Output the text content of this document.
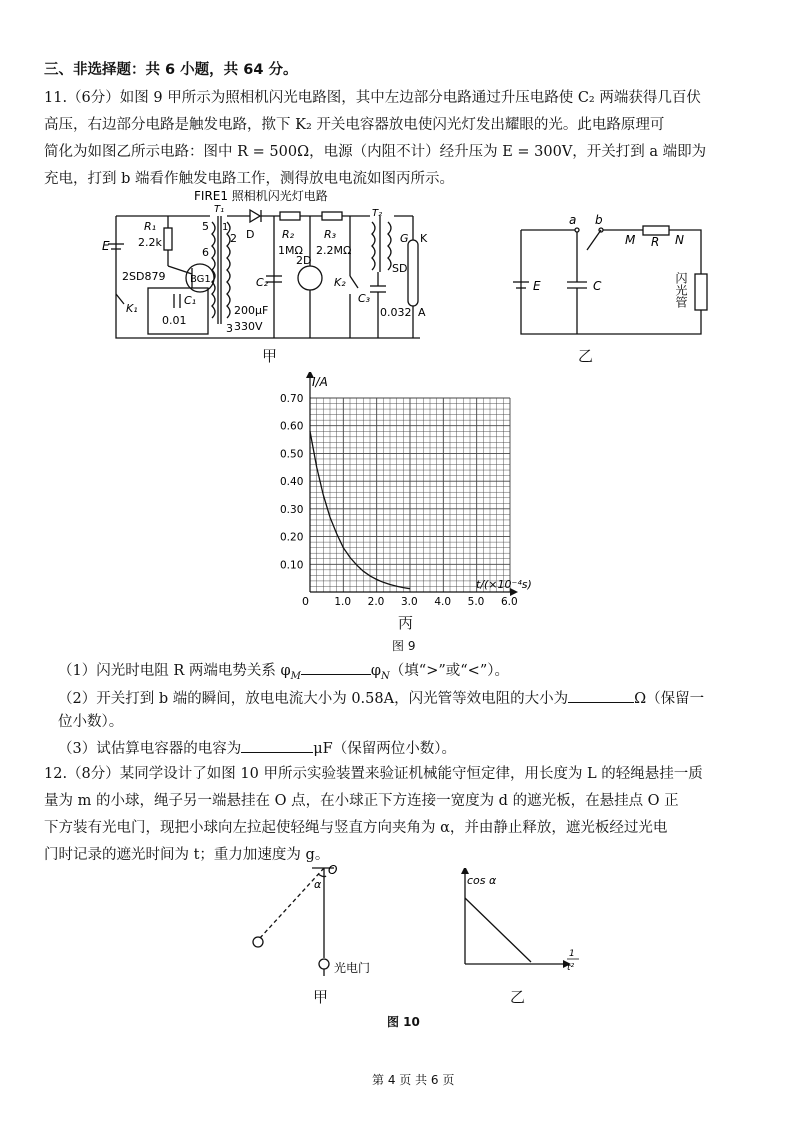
三、非选择题：共 6 小题，共 64 分。
11.（6分）如图 9 甲所示为照相机闪光电路图，其中左边部分电路通过升压电路使 C₂ 两端获得几百伏
高压，右边部分电路是触发电路，揿下 K₂ 开关电容器放电使闪光灯发出耀眼的光。此电路原理可
简化为如图乙所示电路：图中 R = 500Ω，电源（内阻不计）经升压为 E = 300V，开关打到 a 端即为
充电，打到 b 端看作触发电路工作，测得放电电流如图丙所示。
FIRE1 照相机闪光灯电路
E
R₁
2.2k
5
6
2SD879 BG1
C₁
0.01
K₁
T₁
1
2
3
D	R₂
1MΩ
R₃
2.2MΩ
2D
C₂
200μF
330V
K₂
T₂
SD
G K
C₃
0.032 A
甲
a b
M R N
E	C	闪光管
乙
1.0 2.0 3.0 4.0 5.0 6.0
0.10
0.20
0.30
0.40
0.50
0.60
0.70
0
I/A
t/(×10⁻⁴s)
丙
图 9
（1）闪光时电阻 R 两端电势关系 $\varphi_M$	$\varphi_N$（填“>”或“<”）。
（2）开关打到 b 端的瞬间，放电电流大小为 0.58A，闪光管等效电阻的大小为	Ω（保留一
位小数）。
（3）试估算电容器的电容为	μF（保留两位小数）。
12.（8分）某同学设计了如图 10 甲所示实验装置来验证机械能守恒定律，用长度为 L 的轻绳悬挂一质
量为 m 的小球，绳子另一端悬挂在 O 点，在小球正下方连接一宽度为 d 的遮光板，在悬挂点 O 正
下方装有光电门，现把小球向左拉起使轻绳与竖直方向夹角为 α，并由静止释放，遮光板经过光电
门时记录的遮光时间为 t；重力加速度为 g。
O
α
光电门
甲
cos α
1
t²
乙
图 10
第 4 页 共 6 页
